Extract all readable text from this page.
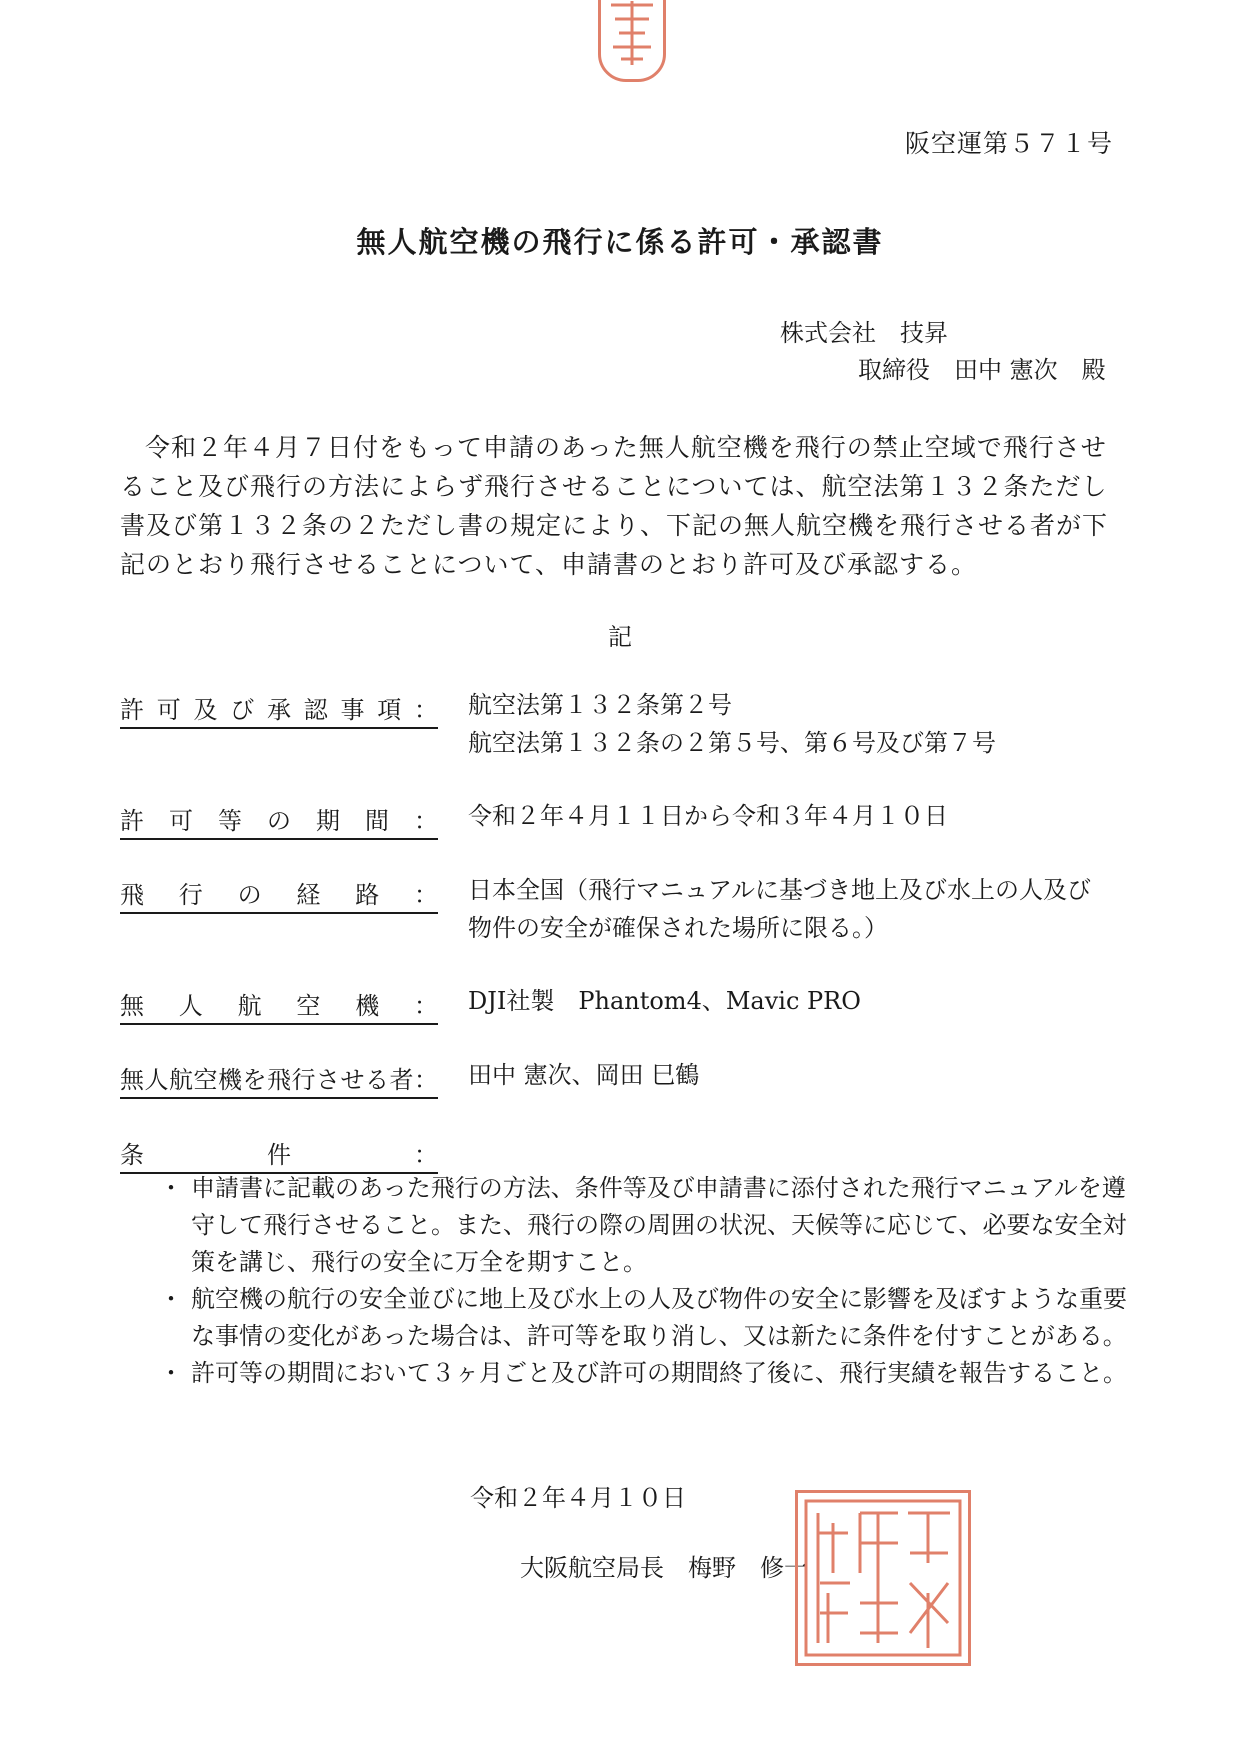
阪空運第５７１号
無人航空機の飛行に係る許可・承認書
株式会社　技昇
取締役　田中 憲次　殿
令和２年４月７日付をもって申請のあった無人航空機を飛行の禁止空域で飛行させること及び飛行の方法によらず飛行させることについては、航空法第１３２条ただし書及び第１３２条の２ただし書の規定により、下記の無人航空機を飛行させる者が下記のとおり飛行させることについて、申請書のとおり許可及び承認する。
記
許可及び承認事項： 航空法第１３２条第２号
航空法第１３２条の２第５号、第６号及び第７号
許可等の期間： 令和２年４月１１日から令和３年４月１０日
飛行の経路： 日本全国（飛行マニュアルに基づき地上及び水上の人及び
物件の安全が確保された場所に限る。）
無人航空機： DJI社製　Phantom4、Mavic PRO
無人航空機を飛行させる者： 田中 憲次、岡田 巳鶴
条件：
・ 申請書に記載のあった飛行の方法、条件等及び申請書に添付された飛行マニュアルを遵守して飛行させること。また、飛行の際の周囲の状況、天候等に応じて、必要な安全対策を講じ、飛行の安全に万全を期すこと。
・ 航空機の航行の安全並びに地上及び水上の人及び物件の安全に影響を及ぼすような重要な事情の変化があった場合は、許可等を取り消し、又は新たに条件を付すことがある。
・ 許可等の期間において３ヶ月ごと及び許可の期間終了後に、飛行実績を報告すること。
令和２年４月１０日
大阪航空局長　梅野　修一
